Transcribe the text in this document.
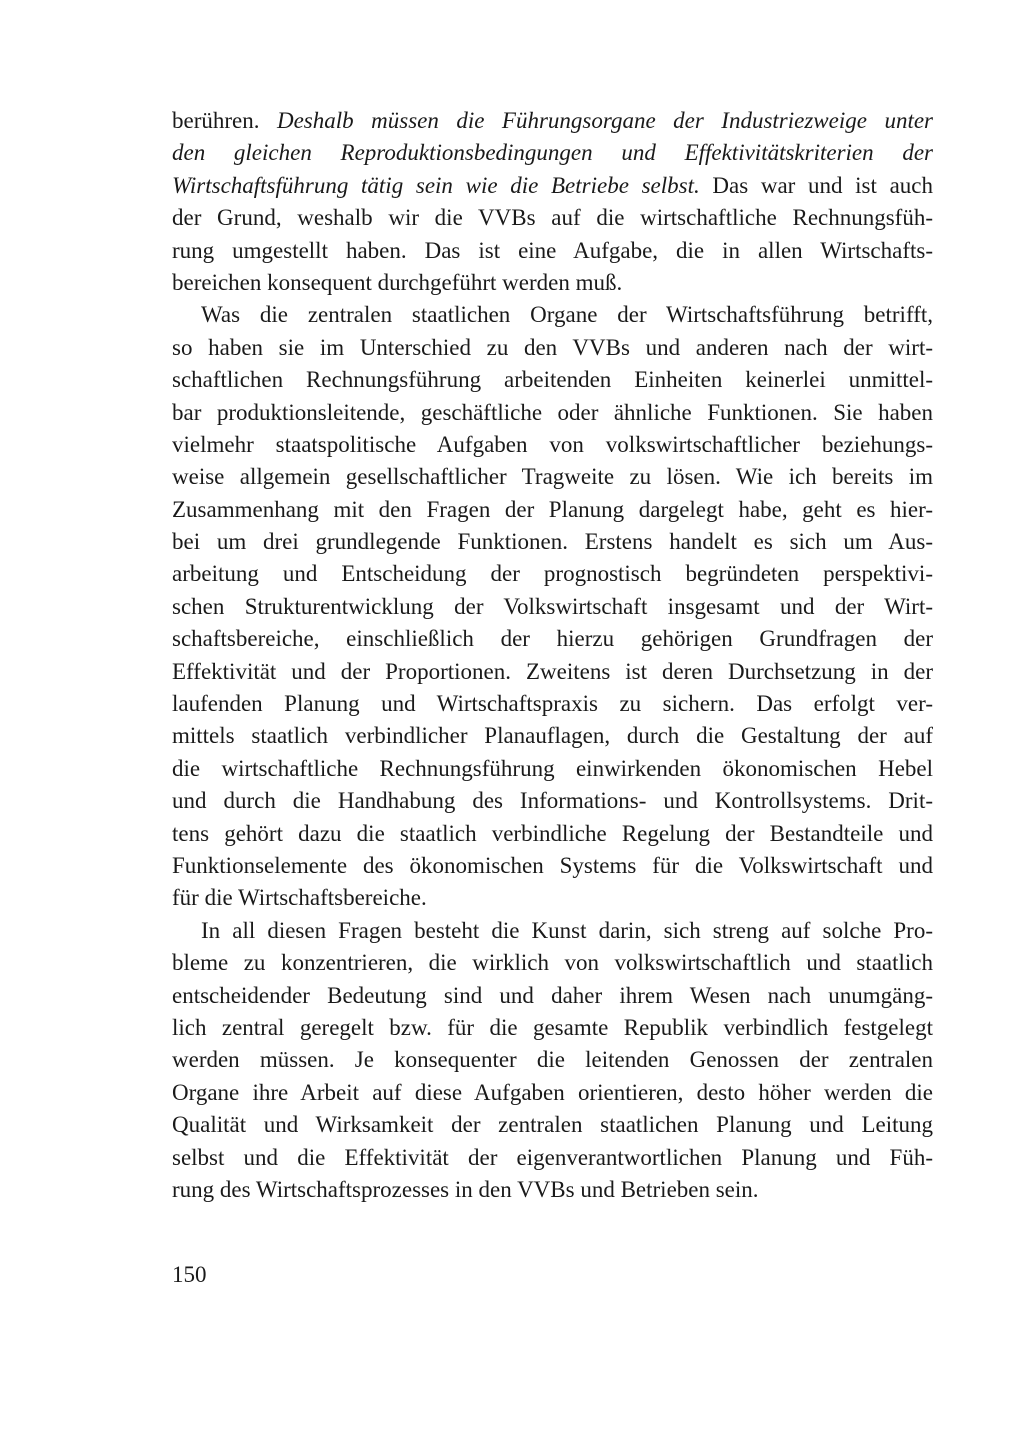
berühren. Deshalb müssen die Führungsorgane der Industriezweige unter
den gleichen Reproduktionsbedingungen und Effektivitätskriterien der
Wirtschaftsführung tätig sein wie die Betriebe selbst. Das war und ist auch
der Grund, weshalb wir die VVBs auf die wirtschaftliche Rechnungsfüh-
rung umgestellt haben. Das ist eine Aufgabe, die in allen Wirtschafts-
bereichen konsequent durchgeführt werden muß.
Was die zentralen staatlichen Organe der Wirtschaftsführung betrifft,
so haben sie im Unterschied zu den VVBs und anderen nach der wirt-
schaftlichen Rechnungsführung arbeitenden Einheiten keinerlei unmittel-
bar produktionsleitende, geschäftliche oder ähnliche Funktionen. Sie haben
vielmehr staatspolitische Aufgaben von volkswirtschaftlicher beziehungs-
weise allgemein gesellschaftlicher Tragweite zu lösen. Wie ich bereits im
Zusammenhang mit den Fragen der Planung dargelegt habe, geht es hier-
bei um drei grundlegende Funktionen. Erstens handelt es sich um Aus-
arbeitung und Entscheidung der prognostisch begründeten perspektivi-
schen Strukturentwicklung der Volkswirtschaft insgesamt und der Wirt-
schaftsbereiche, einschließlich der hierzu gehörigen Grundfragen der
Effektivität und der Proportionen. Zweitens ist deren Durchsetzung in der
laufenden Planung und Wirtschaftspraxis zu sichern. Das erfolgt ver-
mittels staatlich verbindlicher Planauflagen, durch die Gestaltung der auf
die wirtschaftliche Rechnungsführung einwirkenden ökonomischen Hebel
und durch die Handhabung des Informations- und Kontrollsystems. Drit-
tens gehört dazu die staatlich verbindliche Regelung der Bestandteile und
Funktionselemente des ökonomischen Systems für die Volkswirtschaft und
für die Wirtschaftsbereiche.
In all diesen Fragen besteht die Kunst darin, sich streng auf solche Pro-
bleme zu konzentrieren, die wirklich von volkswirtschaftlich und staatlich
entscheidender Bedeutung sind und daher ihrem Wesen nach unumgäng-
lich zentral geregelt bzw. für die gesamte Republik verbindlich festgelegt
werden müssen. Je konsequenter die leitenden Genossen der zentralen
Organe ihre Arbeit auf diese Aufgaben orientieren, desto höher werden die
Qualität und Wirksamkeit der zentralen staatlichen Planung und Leitung
selbst und die Effektivität der eigenverantwortlichen Planung und Füh-
rung des Wirtschaftsprozesses in den VVBs und Betrieben sein.
150
